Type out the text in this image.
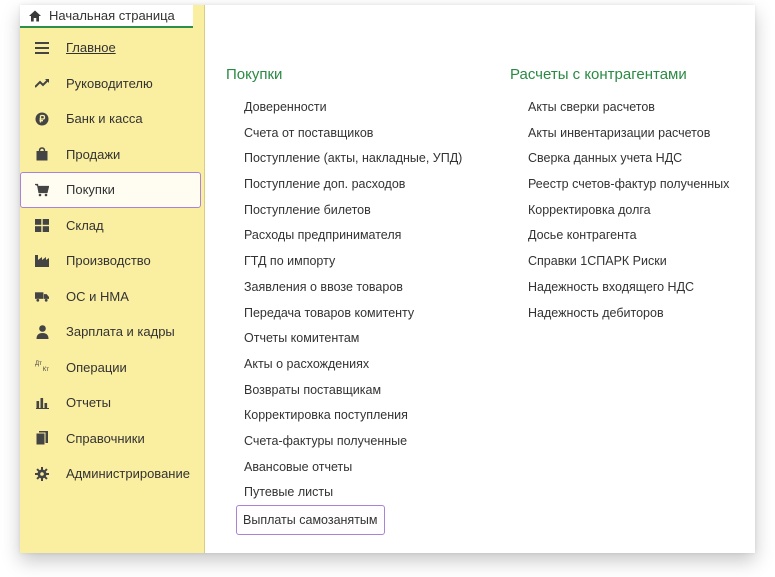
Начальная страница
Главное
Руководителю
Банк и касса
Продажи
Покупки
Склад
Производство
ОС и НМА
Зарплата и кадры
Дт
Кт Операции
Отчеты
Справочники
Администрирование
Покупки
Доверенности
Счета от поставщиков
Поступление (акты, накладные, УПД)
Поступление доп. расходов
Поступление билетов
Расходы предпринимателя
ГТД по импорту
Заявления о ввозе товаров
Передача товаров комитенту
Отчеты комитентам
Акты о расхождениях
Возвраты поставщикам
Корректировка поступления
Счета-фактуры полученные
Авансовые отчеты
Путевые листы
Выплаты самозанятым
Расчеты с контрагентами
Акты сверки расчетов
Акты инвентаризации расчетов
Сверка данных учета НДС
Реестр счетов-фактур полученных
Корректировка долга
Досье контрагента
Справки 1СПАРК Риски
Надежность входящего НДС
Надежность дебиторов
